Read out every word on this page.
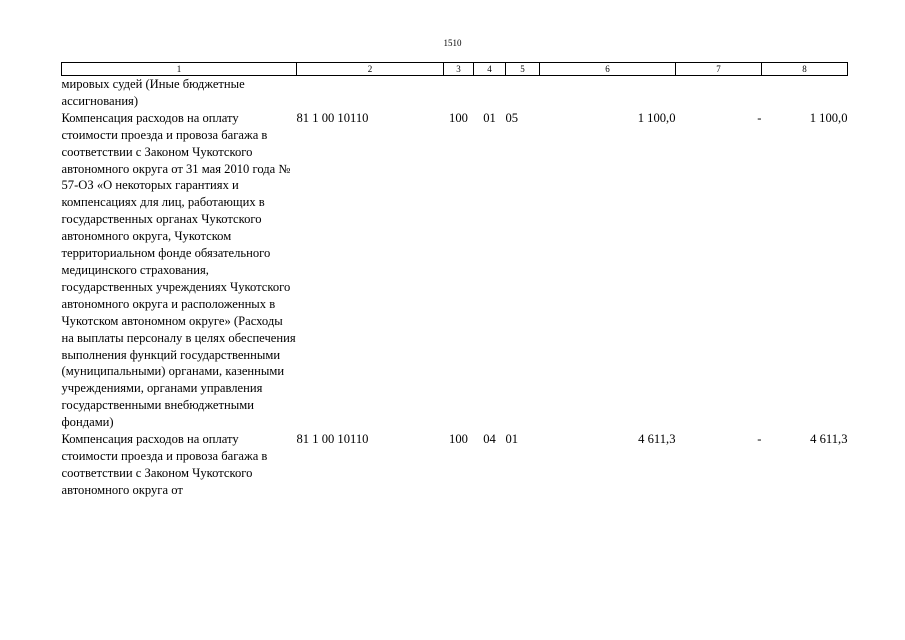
1510
1	2	3	4	5	6	7	8
мировых судей (Иные бюджетные ассигнования)							
Компенсация расходов на оплату стоимости проезда и провоза багажа в соответствии с Законом Чукотского автономного округа от 31 мая 2010 года № 57-ОЗ «О некоторых гарантиях и компенсациях для лиц, работающих в государственных органах Чукотского автономного округа, Чукотском территориальном фонде обязательного медицинского страхования, государственных учреждениях Чукотского автономного округа и расположенных в Чукотском автономном округе» (Расходы на выплаты персоналу в целях обеспечения выполнения функций государственными (муниципальными) органами, казенными учреждениями, органами управления государственными внебюджетными фондами)	81 1 00 10110	100	01	05	1 100,0	-	1 100,0
Компенсация расходов на оплату стоимости проезда и провоза багажа в соответствии с Законом Чукотского автономного округа от	81 1 00 10110	100	04	01	4 611,3	-	4 611,3
